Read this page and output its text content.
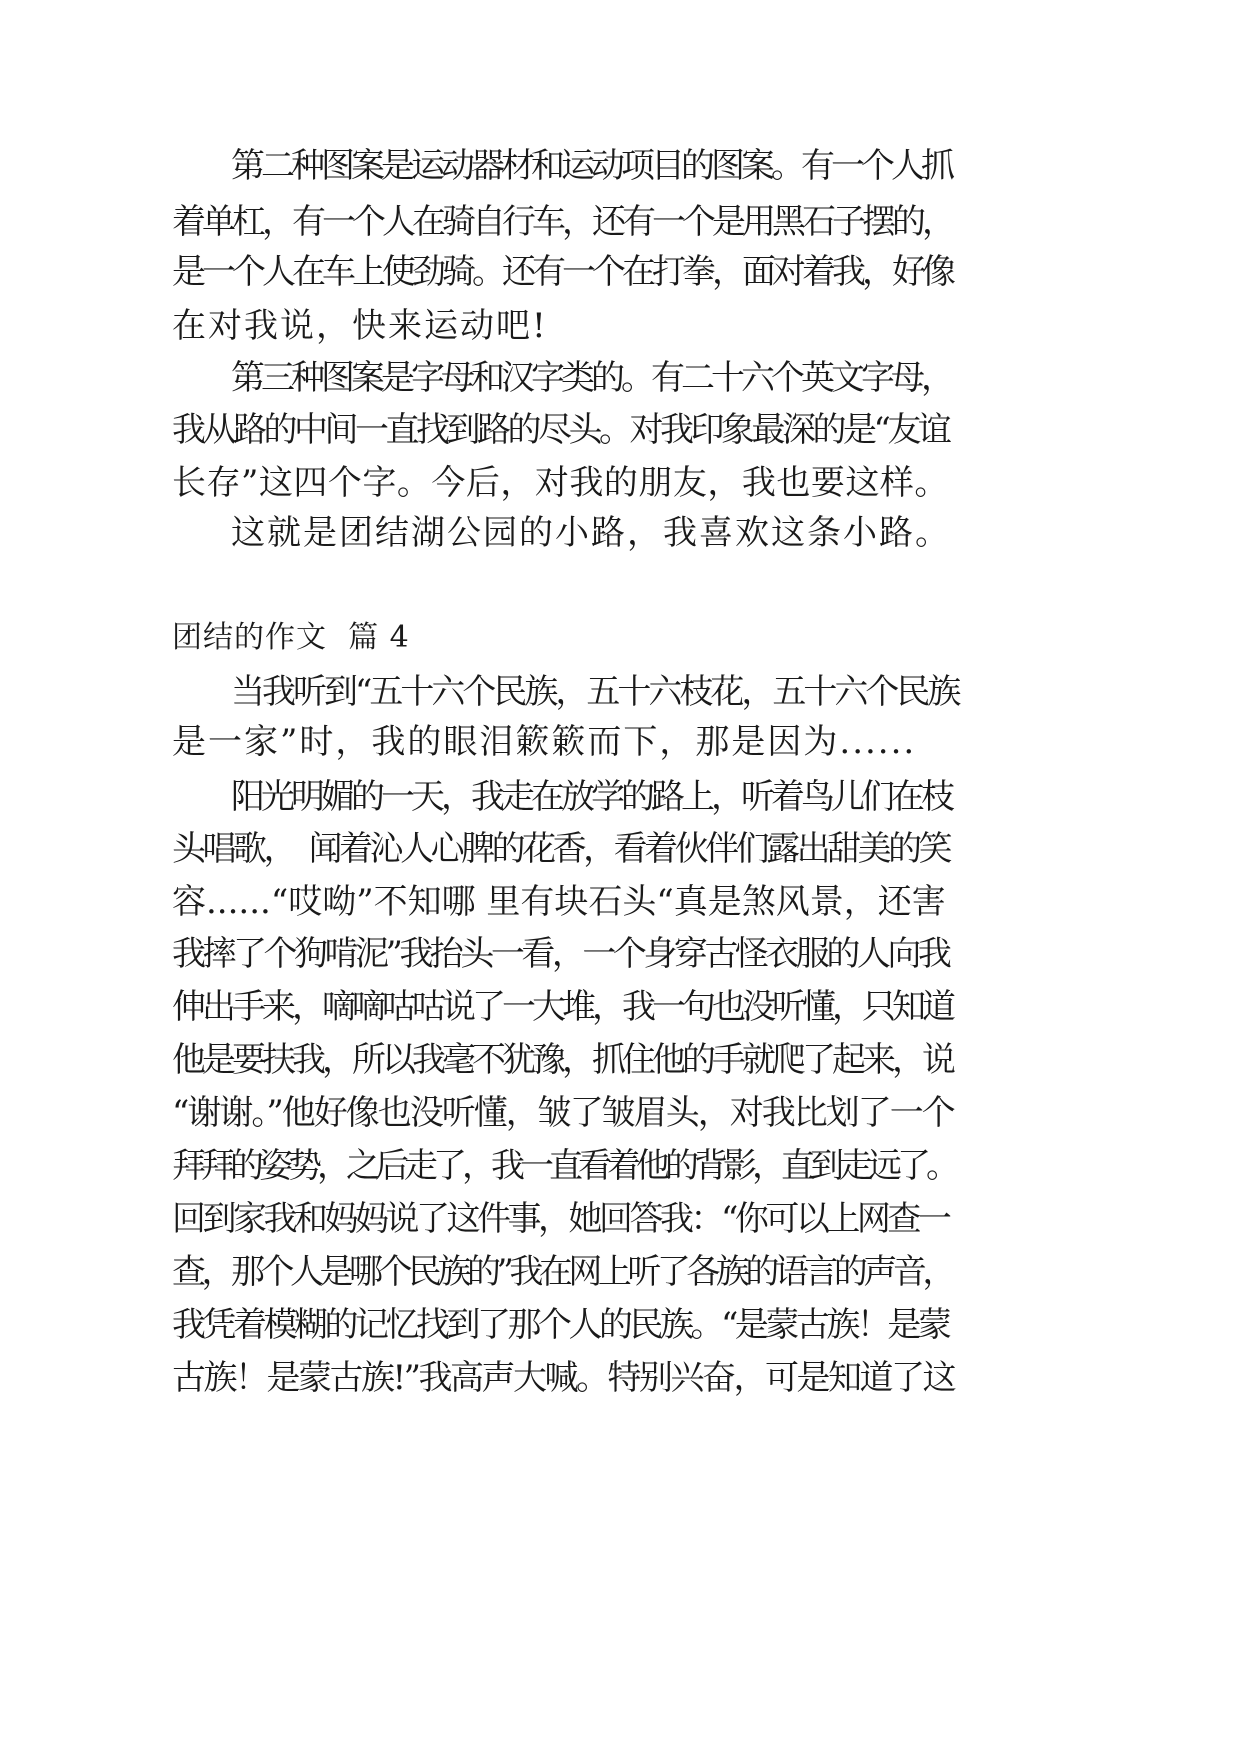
第二种图案是运动器材和运动项目的图案。有一个人抓
着单杠，有一个人在骑自行车，还有一个是用黑石子摆的，
是一个人在车上使劲骑。还有一个在打拳，面对着我，好像
在对我说，快来运动吧!
第三种图案是字母和汉字类的。有二十六个英文字母，
我从路的中间一直找到路的尽头。对我印象最深的是“友谊
长存”这四个字。今后，对我的朋友，我也要这样。
这就是团结湖公园的小路，我喜欢这条小路。
团结的作文  篇 4
当我听到“五十六个民族，五十六枝花，五十六个民族
是一家”时，我的眼泪簌簌而下，那是因为......
阳光明媚的一天，我走在放学的路上，听着鸟儿们在枝
头唱歌，  闻着沁人心脾的花香，看着伙伴们露出甜美的笑
容......“哎呦”不知哪 里有块石头“真是煞风景，还害
我摔了个狗啃泥”我抬头一看，一个身穿古怪衣服的人向我
伸出手来，嘀嘀咕咕说了一大堆，我一句也没听懂，只知道
他是要扶我，所以我毫不犹豫，抓住他的手就爬了起来，说
“谢谢。”他好像也没听懂，皱了皱眉头，对我比划了一个
拜拜的姿势，之后走了，我一直看着他的背影，直到走远了。
回到家我和妈妈说了这件事，她回答我：“你可以上网查一
查，那个人是哪个民族的”我在网上听了各族的语言的声音，
我凭着模糊的记忆找到了那个人的民族。“是蒙古族！是蒙
古族！是蒙古族!”我高声大喊。特别兴奋，可是知道了这
